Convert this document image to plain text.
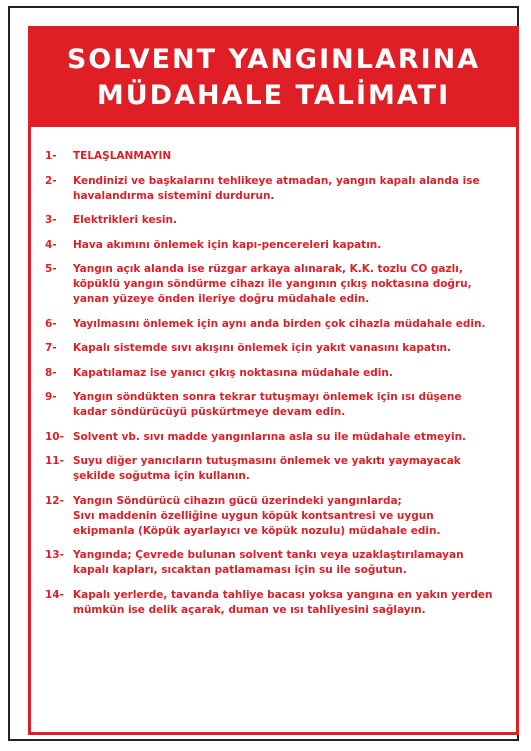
SOLVENT YANGINLARINA
MÜDAHALE TALİMATI
1-	TELAŞLANMAYIN
2-	Kendinizi ve başkalarını tehlikeye atmadan, yangın kapalı alanda ise havalandırma sistemini durdurun.
3-	Elektrikleri kesin.
4-	Hava akımını önlemek için kapı-pencereleri kapatın.
5-	Yangın açık alanda ise rüzgar arkaya alınarak, K.K. tozlu CO gazlı, köpüklü yangın söndürme cihazı ile yangının çıkış noktasına doğru, yanan yüzeye önden ileriye doğru müdahale edin.
6-	Yayılmasını önlemek için aynı anda birden çok cihazla müdahale edin.
7-	Kapalı sistemde sıvı akışını önlemek için yakıt vanasını kapatın.
8-	Kapatılamaz ise yanıcı çıkış noktasına müdahale edin.
9-	Yangın söndükten sonra tekrar tutuşmayı önlemek için ısı düşene kadar söndürücüyü püskürtmeye devam edin.
10- Solvent vb. sıvı madde yangınlarına asla su ile müdahale etmeyin.
11- Suyu diğer yanıcıların tutuşmasını önlemek ve yakıtı yaymayacak şekilde soğutma için kullanın.
12- Yangın Söndürücü cihazın gücü üzerindeki yangınlarda;
Sıvı maddenin özelliğine uygun köpük kontsantresi ve uygun ekipmanla (Köpük ayarlayıcı ve köpük nozulu) müdahale edin.
13- Yangında; Çevrede bulunan solvent tankı veya uzaklaştırılamayan kapalı kapları, sıcaktan patlamaması için su ile soğutun.
14- Kapalı yerlerde, tavanda tahliye bacası yoksa yangına en yakın yerden mümkün ise delik açarak, duman ve ısı tahliyesini sağlayın.
